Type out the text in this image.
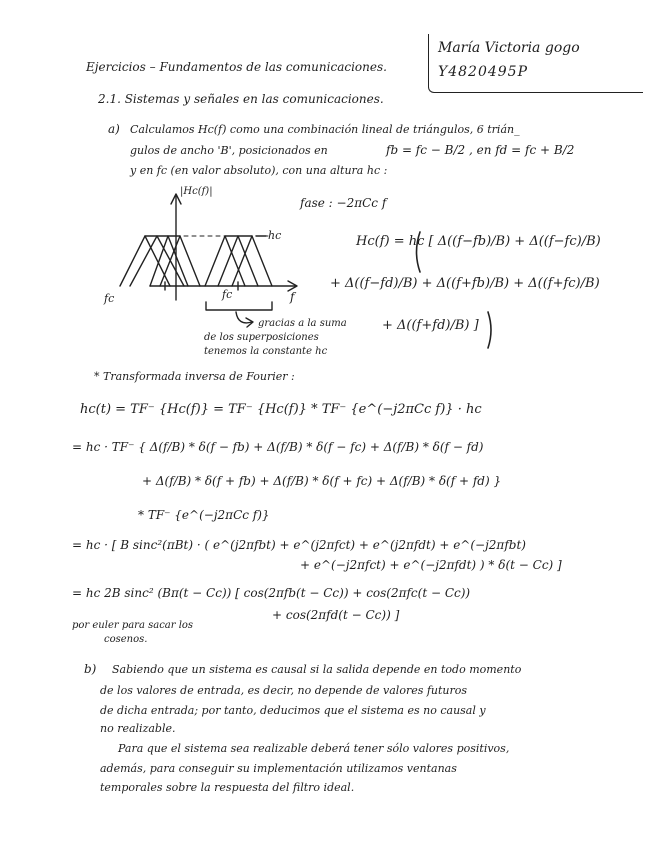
Ejercicios – Fundamentos de las comunicaciones.
María Victoria gogo
Y4820495P
2.1. Sistemas y señales en las comunicaciones.
a) Calculamos Hc(f) como una combinación lineal de triángulos, 6 trián_
gulos de ancho 'B', posicionados en	fb = fc − B/2 , en fd = fc + B/2
y en fc (en valor absoluto), con una altura hc :
fase : −2πCc f
|Hc(f)|
hc
fc	fc	f
gracias a la suma
de los superposiciones
tenemos la constante hc
Hc(f) = hc [ Δ((f−fb)/B) + Δ((f−fc)/B)
+ Δ((f−fd)/B) + Δ((f+fb)/B) + Δ((f+fc)/B)
+ Δ((f+fd)/B) ]
* Transformada inversa de Fourier :
hc(t) = TF⁻ {Hc(f)} = TF⁻ {Hc(f)} * TF⁻ {e^(−j2πCc f)} · hc
= hc · TF⁻ { Δ(f/B) * δ(f − fb) + Δ(f/B) * δ(f − fc) + Δ(f/B) * δ(f − fd)
+ Δ(f/B) * δ(f + fb) + Δ(f/B) * δ(f + fc) + Δ(f/B) * δ(f + fd) }
* TF⁻ {e^(−j2πCc f)}
= hc · [ B sinc²(πBt) · ( e^(j2πfbt) + e^(j2πfct) + e^(j2πfdt) + e^(−j2πfbt)
+ e^(−j2πfct) + e^(−j2πfdt) ) * δ(t − Cc) ]
= hc 2B sinc² (Bπ(t − Cc)) [ cos(2πfb(t − Cc)) + cos(2πfc(t − Cc))
+ cos(2πfd(t − Cc)) ]
por euler para sacar los
cosenos.
b) Sabiendo que un sistema es causal si la salida depende en todo momento
de los valores de entrada, es decir, no depende de valores futuros
de dicha entrada; por tanto, deducimos que el sistema es no causal y
no realizable.
Para que el sistema sea realizable deberá tener sólo valores positivos,
además, para conseguir su implementación utilizamos ventanas
temporales sobre la respuesta del filtro ideal.
